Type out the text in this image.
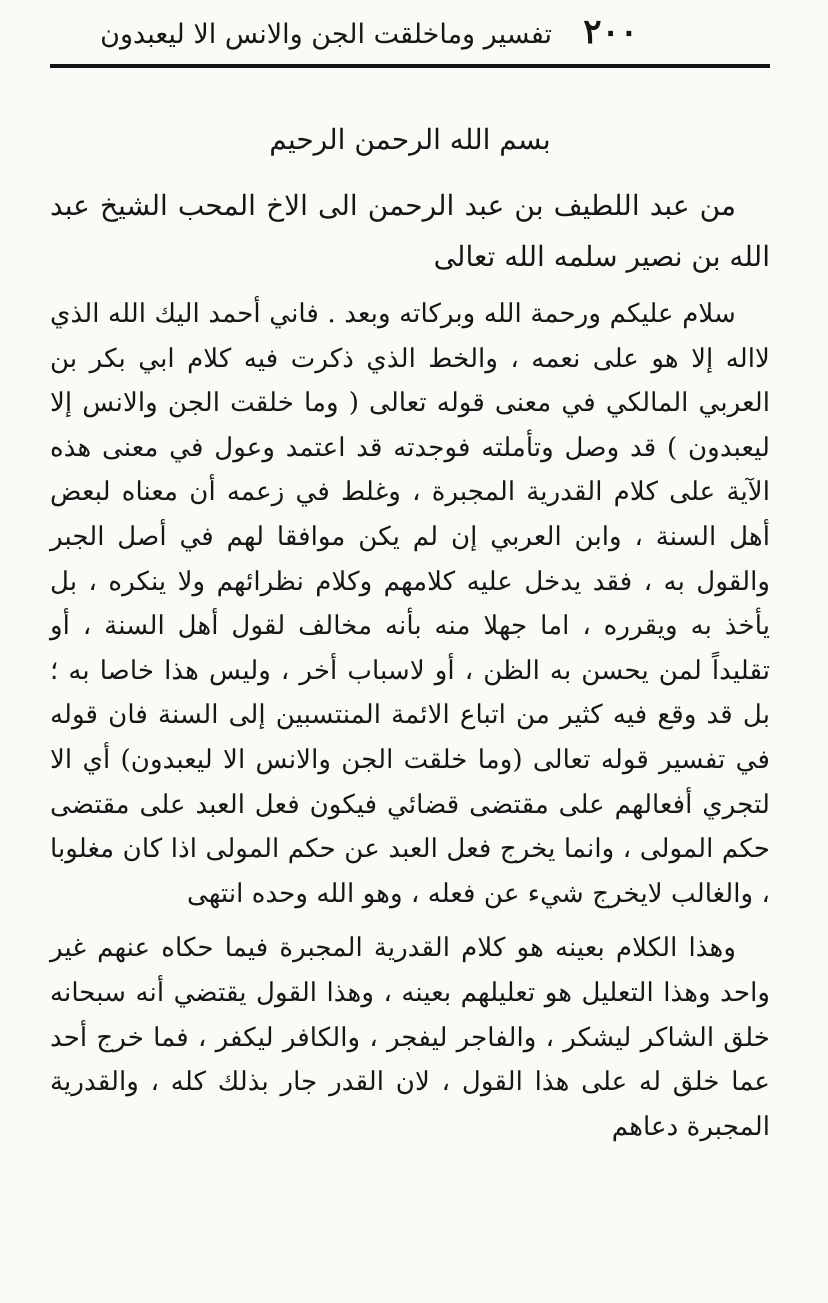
٢٠٠
تفسير وماخلقت الجن والانس الا ليعبدون
بسم الله الرحمن الرحيم

من عبد اللطيف بن عبد الرحمن الى الاخ المحب الشيخ عبد الله بن نصير سلمه الله تعالى

سلام عليكم ورحمة الله وبركاته وبعد . فاني أحمد اليك الله الذي لااله إلا هو على نعمه ، والخط الذي ذكرت فيه كلام ابي بكر بن العربي المالكي في معنى قوله تعالى ( وما خلقت الجن والانس إلا ليعبدون ) قد وصل وتأملته فوجدته قد اعتمد وعول في معنى هذه الآية على كلام القدرية المجبرة ، وغلط في زعمه أن معناه لبعض أهل السنة ، وابن العربي إن لم يكن موافقا لهم في أصل الجبر والقول به ، فقد يدخل عليه كلامهم وكلام نظرائهم ولا ينكره ، بل يأخذ به ويقرره ، اما جهلا منه بأنه مخالف لقول أهل السنة ، أو تقليداً لمن يحسن به الظن ، أو لاسباب أخر ، وليس هذا خاصا به ؛ بل قد وقع فيه كثير من اتباع الائمة المنتسبين إلى السنة فان قوله في تفسير قوله تعالى (وما خلقت الجن والانس الا ليعبدون) أي الا لتجري أفعالهم على مقتضى قضائي فيكون فعل العبد على مقتضى حكم المولى ، وانما يخرج فعل العبد عن حكم المولى اذا كان مغلوبا ، والغالب لايخرج شيء عن فعله ، وهو الله وحده انتهى

وهذا الكلام بعينه هو كلام القدرية المجبرة فيما حكاه عنهم غير واحد وهذا التعليل هو تعليلهم بعينه ، وهذا القول يقتضي أنه سبحانه خلق الشاكر ليشكر ، والفاجر ليفجر ، والكافر ليكفر ، فما خرج أحد عما خلق له على هذا القول ، لان القدر جار بذلك كله ، والقدرية المجبرة دعاهم
